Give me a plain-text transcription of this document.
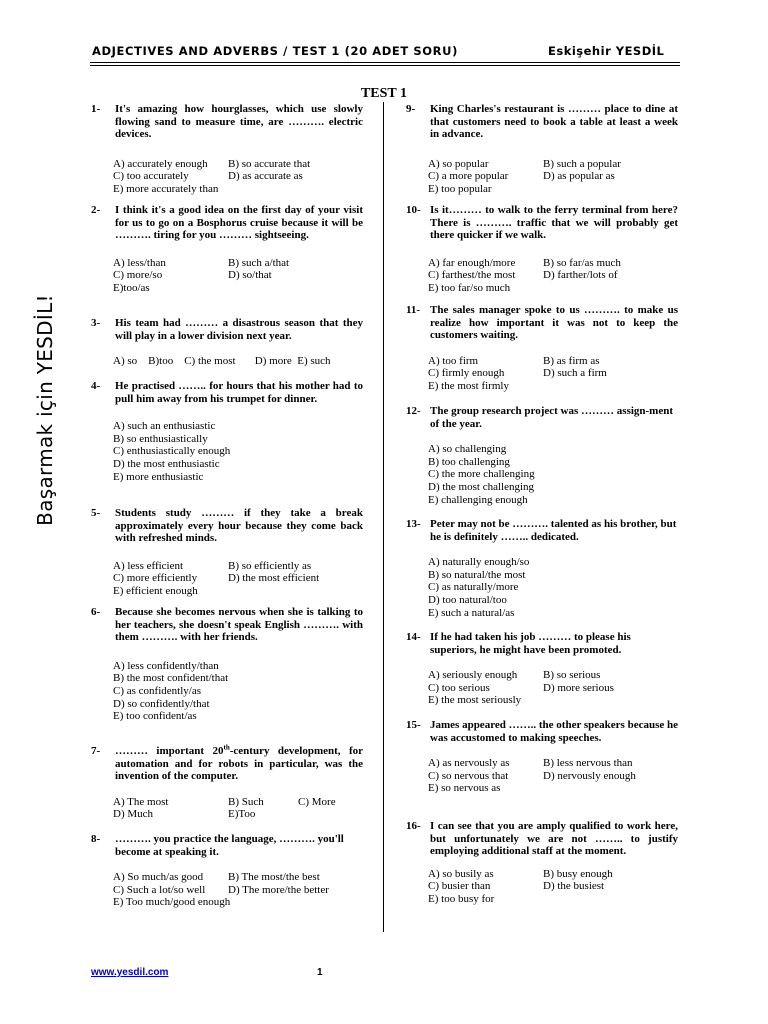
ADJECTIVES AND ADVERBS / TEST 1 (20 ADET SORU)	Eskişehir YESDİL
TEST 1
Başarmak için YESDİL!
1-	It's amazing how hourglasses, which use slowly flowing sand to measure time, are ………. electric devices.
A) accurately enough	B) so accurate that
C) too accurately	D) as accurate as
E) more accurately than
2-	I think it's a good idea on the first day of your visit for us to go on a Bosphorus cruise because it will be ………. tiring for you ……… sightseeing.
A) less/than	B) such a/that
C) more/so	D) so/that
E)too/as
3-	His team had ……… a disastrous season that they will play in a lower division next year.
A) so    B)too    C) the most       D) more  E) such
4-	He practised …….. for hours that his mother had to pull him away from his trumpet for dinner.
A) such an enthusiastic
B) so enthusiastically
C) enthusiastically enough
D) the most enthusiastic
E) more enthusiastic
5-	Students study ……… if they take a break approximately every hour because they come back with refreshed minds.
A) less efficient	B) so efficiently as
C) more efficiently	D) the most efficient
E) efficient enough
6-	Because she becomes nervous when she is talking to her teachers, she doesn't speak English ………. with them ………. with her friends.
A) less confidently/than
B) the most confident/that
C) as confidently/as
D) so confidently/that
E) too confident/as
7-	……… important 20th-century development, for automation and for robots in particular, was the invention of the computer.
A) The most	B) Such	C) More
D) Much	E)Too
8-	………. you practice the language, ………. you'll become at speaking it.
A) So much/as good	B) The most/the best
C) Such a lot/so well	D) The more/the better
E) Too much/good enough
9-	King Charles's restaurant is ……… place to dine at that customers need to book a table at least a week in advance.
A) so popular	B) such a popular
C) a more popular	D) as popular as
E) too popular
10- Is it……… to walk to the ferry terminal from here? There is ………. traffic that we will probably get there quicker if we walk.
A) far enough/more	B) so far/as much
C) farthest/the most	D) farther/lots of
E) too far/so much
11- The sales manager spoke to us ………. to make us realize how important it was not to keep the customers waiting.
A) too firm	B) as firm as
C) firmly enough	D) such a firm
E) the most firmly
12- The group research project was ……… assign-ment of the year.
A) so challenging
B) too challenging
C) the more challenging
D) the most challenging
E) challenging enough
13- Peter may not be ………. talented as his brother, but he is definitely …….. dedicated.
A) naturally enough/so
B) so natural/the most
C) as naturally/more
D) too natural/too
E) such a natural/as
14- If he had taken his job ……… to please his superiors, he might have been promoted.
A) seriously enough	B) so serious
C) too serious	D) more serious
E) the most seriously
15- James appeared …….. the other speakers because he was accustomed to making speeches.
A) as nervously as	B) less nervous than
C) so nervous that	D) nervously enough
E) so nervous as
16- I can see that you are amply qualified to work here, but unfortunately we are not …….. to justify employing additional staff at the moment.
A) so busily as	B) busy enough
C) busier than	D) the busiest
E) too busy for
www.yesdil.com	1
